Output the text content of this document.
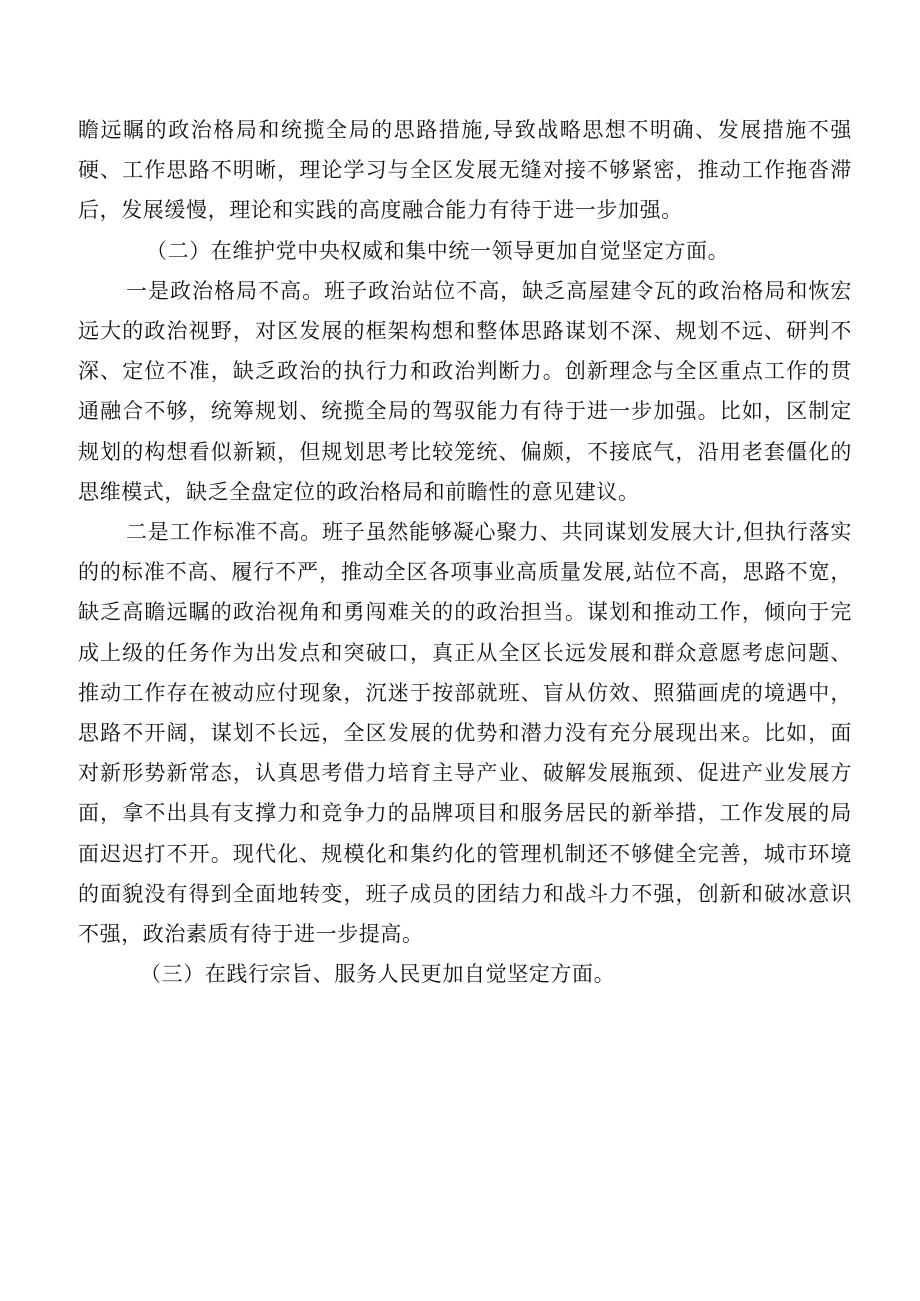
瞻远瞩的政治格局和统揽全局的思路措施,导致战略思想不明确、发展措施不强硬、工作思路不明晰，理论学习与全区发展无缝对接不够紧密，推动工作拖沓滞后，发展缓慢，理论和实践的高度融合能力有待于进一步加强。

（二）在维护党中央权威和集中统一领导更加自觉坚定方面。

一是政治格局不高。班子政治站位不高，缺乏高屋建令瓦的政治格局和恢宏远大的政治视野，对区发展的框架构想和整体思路谋划不深、规划不远、研判不深、定位不准，缺乏政治的执行力和政治判断力。创新理念与全区重点工作的贯通融合不够，统筹规划、统揽全局的驾驭能力有待于进一步加强。比如，区制定规划的构想看似新颖，但规划思考比较笼统、偏颇，不接底气，沿用老套僵化的思维模式，缺乏全盘定位的政治格局和前瞻性的意见建议。

二是工作标准不高。班子虽然能够凝心聚力、共同谋划发展大计,但执行落实的的标准不高、履行不严，推动全区各项事业高质量发展,站位不高，思路不宽，缺乏高瞻远瞩的政治视角和勇闯难关的的政治担当。谋划和推动工作，倾向于完成上级的任务作为出发点和突破口，真正从全区长远发展和群众意愿考虑问题、推动工作存在被动应付现象，沉迷于按部就班、盲从仿效、照猫画虎的境遇中，思路不开阔，谋划不长远，全区发展的优势和潜力没有充分展现出来。比如，面对新形势新常态，认真思考借力培育主导产业、破解发展瓶颈、促进产业发展方面，拿不出具有支撑力和竞争力的品牌项目和服务居民的新举措，工作发展的局面迟迟打不开。现代化、规模化和集约化的管理机制还不够健全完善，城市环境的面貌没有得到全面地转变，班子成员的团结力和战斗力不强，创新和破冰意识不强，政治素质有待于进一步提高。

（三）在践行宗旨、服务人民更加自觉坚定方面。
